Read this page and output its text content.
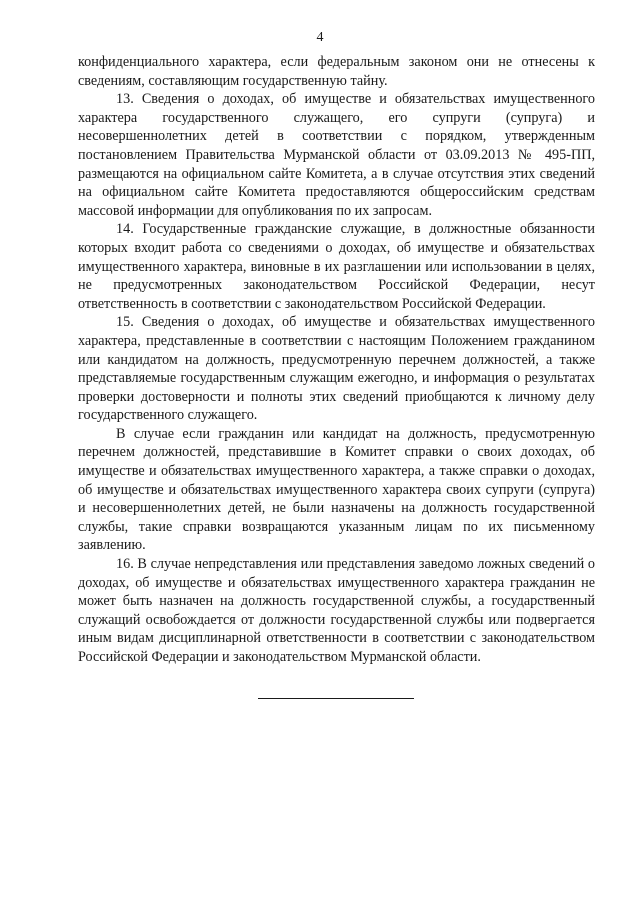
4

конфиденциального характера, если федеральным законом они не отнесены к сведениям, составляющим государственную тайну.

13. Сведения о доходах, об имуществе и обязательствах имущественного характера государственного служащего, его супруги (супруга) и несовершеннолетних детей в соответствии с порядком, утвержденным постановлением Правительства Мурманской области от 03.09.2013 № 495-ПП, размещаются на официальном сайте Комитета, а в случае отсутствия этих сведений на официальном сайте Комитета предоставляются общероссийским средствам массовой информации для опубликования по их запросам.

14. Государственные гражданские служащие, в должностные обязанности которых входит работа со сведениями о доходах, об имуществе и обязательствах имущественного характера, виновные в их разглашении или использовании в целях, не предусмотренных законодательством Российской Федерации, несут ответственность в соответствии с законодательством Российской Федерации.

15. Сведения о доходах, об имуществе и обязательствах имущественного характера, представленные в соответствии с настоящим Положением гражданином или кандидатом на должность, предусмотренную перечнем должностей, а также представляемые государственным служащим ежегодно, и информация о результатах проверки достоверности и полноты этих сведений приобщаются к личному делу государственного служащего.

В случае если гражданин или кандидат на должность, предусмотренную перечнем должностей, представившие в Комитет справки о своих доходах, об имуществе и обязательствах имущественного характера, а также справки о доходах, об имуществе и обязательствах имущественного характера своих супруги (супруга) и несовершеннолетних детей, не были назначены на должность государственной службы, такие справки возвращаются указанным лицам по их письменному заявлению.

16. В случае непредставления или представления заведомо ложных сведений о доходах, об имуществе и обязательствах имущественного характера гражданин не может быть назначен на должность государственной службы, а государственный служащий освобождается от должности государственной службы или подвергается иным видам дисциплинарной ответственности в соответствии с законодательством Российской Федерации и законодательством Мурманской области.
